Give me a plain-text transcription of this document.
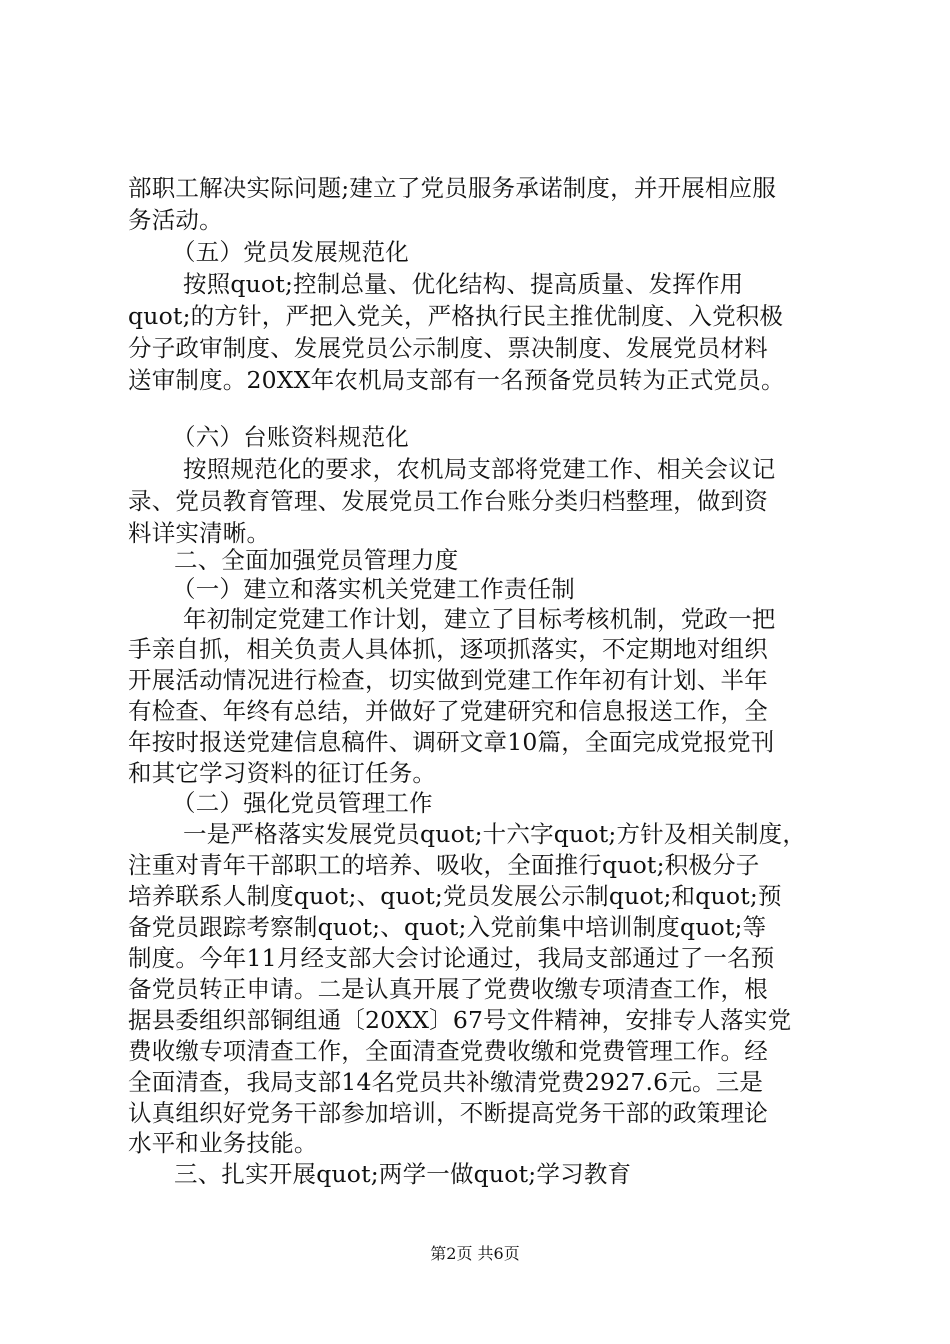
部职工解决实际问题;建立了党员服务承诺制度，并开展相应服

务活动。

（五）党员发展规范化

按照quot;控制总量、优化结构、提高质量、发挥作用

quot;的方针，严把入党关，严格执行民主推优制度、入党积极

分子政审制度、发展党员公示制度、票决制度、发展党员材料

送审制度。20XX年农机局支部有一名预备党员转为正式党员。

（六）台账资料规范化

按照规范化的要求，农机局支部将党建工作、相关会议记

录、党员教育管理、发展党员工作台账分类归档整理，做到资

料详实清晰。

二、全面加强党员管理力度

（一）建立和落实机关党建工作责任制

年初制定党建工作计划，建立了目标考核机制，党政一把

手亲自抓，相关负责人具体抓，逐项抓落实，不定期地对组织

开展活动情况进行检查，切实做到党建工作年初有计划、半年

有检查、年终有总结，并做好了党建研究和信息报送工作，全

年按时报送党建信息稿件、调研文章10篇，全面完成党报党刊

和其它学习资料的征订任务。

（二）强化党员管理工作

一是严格落实发展党员quot;十六字quot;方针及相关制度，

注重对青年干部职工的培养、吸收，全面推行quot;积极分子

培养联系人制度quot;、quot;党员发展公示制quot;和quot;预

备党员跟踪考察制quot;、quot;入党前集中培训制度quot;等

制度。今年11月经支部大会讨论通过，我局支部通过了一名预

备党员转正申请。二是认真开展了党费收缴专项清查工作，根

据县委组织部铜组通〔20XX〕67号文件精神，安排专人落实党

费收缴专项清查工作，全面清查党费收缴和党费管理工作。经

全面清查，我局支部14名党员共补缴清党费2927.6元。三是

认真组织好党务干部参加培训，不断提高党务干部的政策理论

水平和业务技能。

三、扎实开展quot;两学一做quot;学习教育

第2页 共6页
